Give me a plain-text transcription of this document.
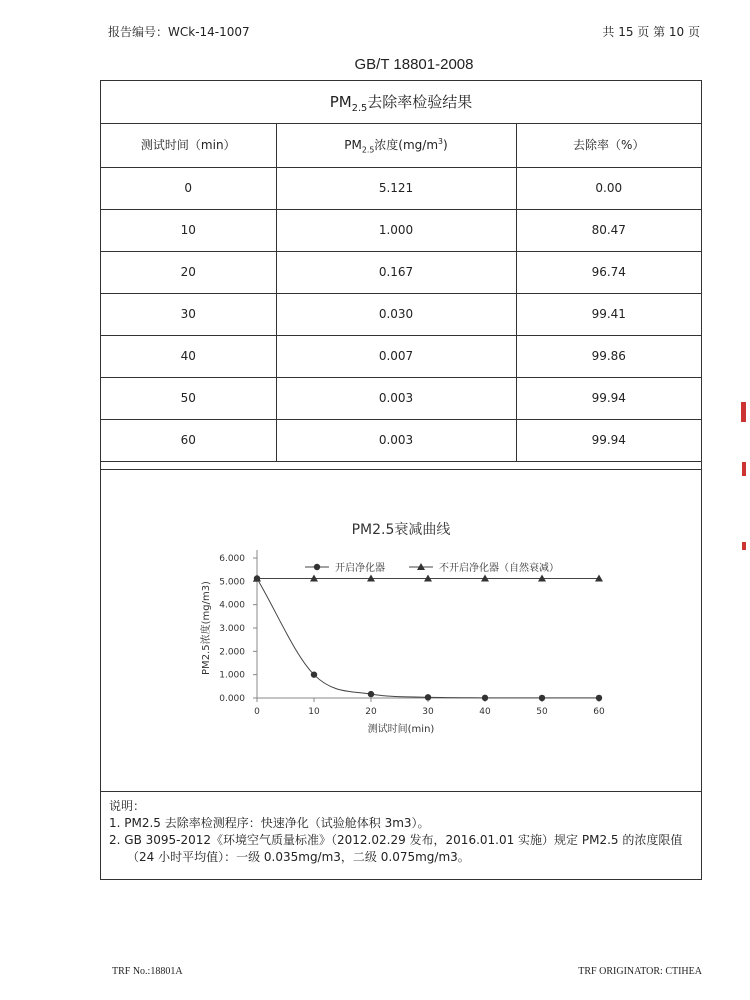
报告编号：WCk-14-1007	共 15 页 第 10 页
GB/T 18801-2008
$PM_{2.5}$去除率检验结果
测试时间（min）	$PM_{2.5}$浓度$(mg/m^3)$	去除率（%）
0	5.121	0.00
10	1.000	80.47
20	0.167	96.74
30	0.030	99.41
40	0.007	99.86
50	0.003	99.94
60	0.003	99.94
PM2.5衰减曲线
0.000
1.000
2.000
3.000
4.000
5.000
6.000
0	10	20	30	40	50	60
测试时间(min)
PM2.5浓度(mg/m3)
开启净化器	不开启净化器（自然衰减）
说明：
1. PM2.5 去除率检测程序：快速净化（试验舱体积 3m3）。
2. GB 3095-2012《环境空气质量标准》（2012.02.29 发布，2016.01.01 实施）规定 PM2.5 的浓度限值
（24 小时平均值）：一级 0.035mg/m3，二级 0.075mg/m3。
TRF No.:18801A	TRF ORIGINATOR: CTIHEA
